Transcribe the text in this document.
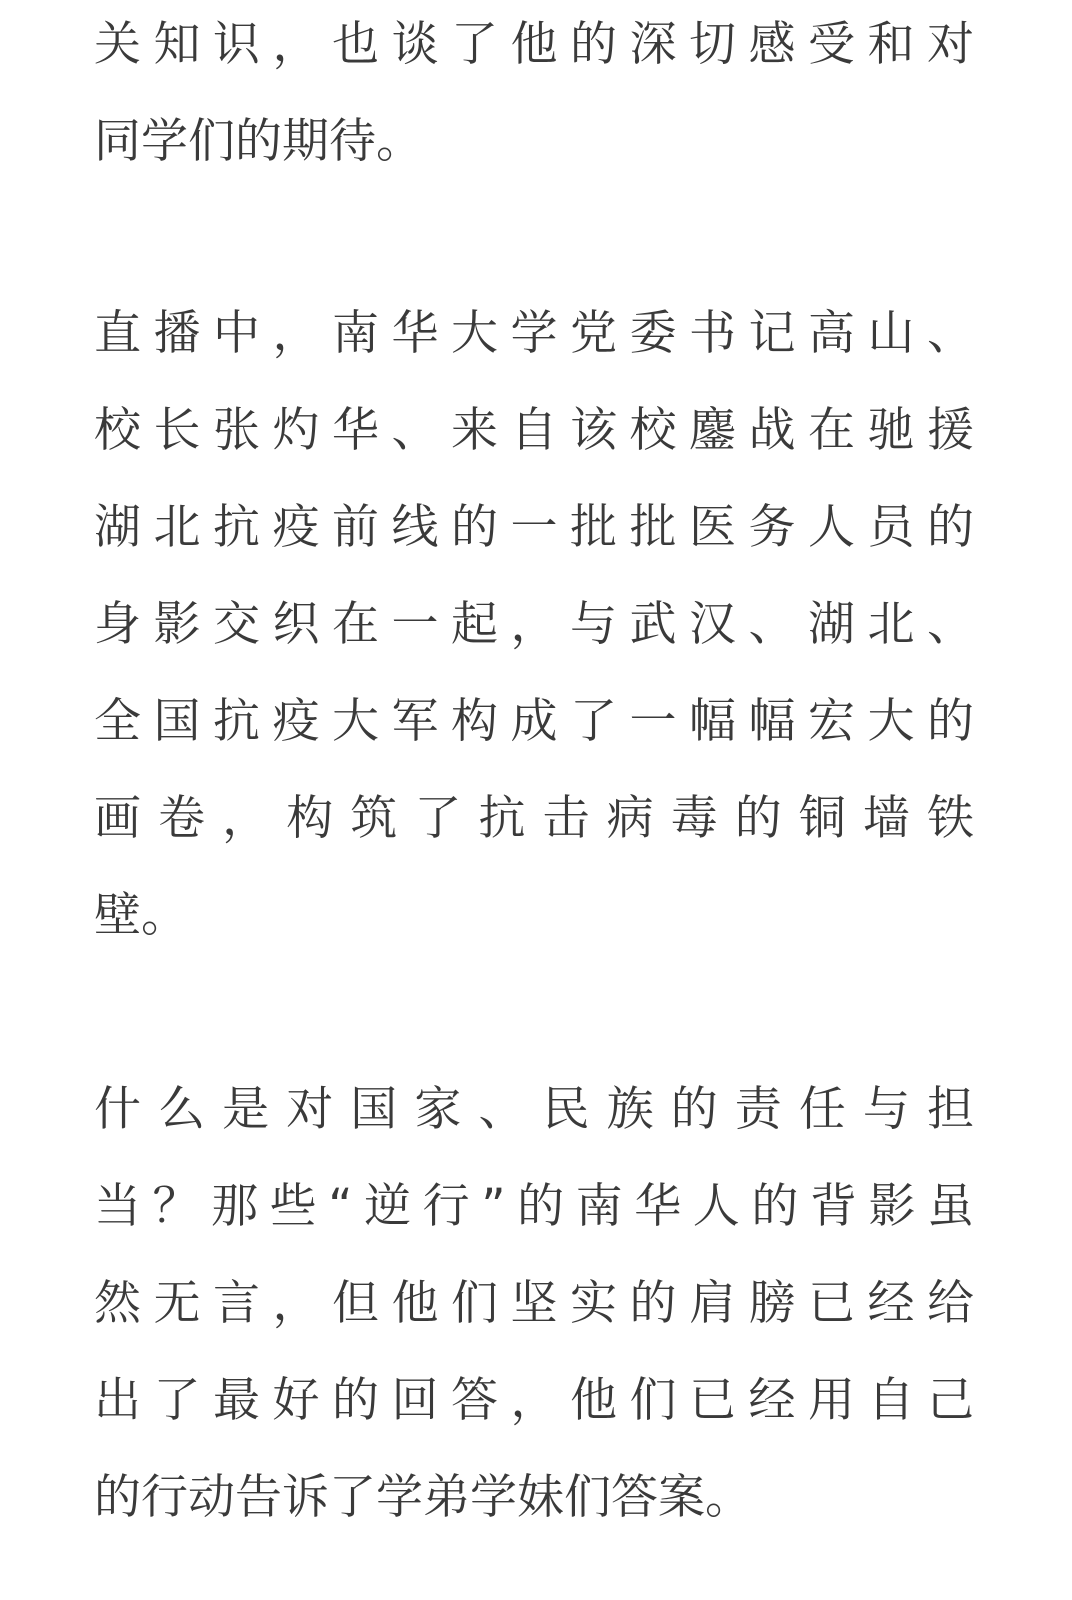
关知识，也谈了他的深切感受和对
同学们的期待。
直播中，南华大学党委书记高山、
校长张灼华、来自该校鏖战在驰援
湖北抗疫前线的一批批医务人员的
身影交织在一起，与武汉、湖北、
全国抗疫大军构成了一幅幅宏大的
画卷，构筑了抗击病毒的铜墙铁
壁。
什么是对国家、民族的责任与担
当？那些“逆行”的南华人的背影虽
然无言，但他们坚实的肩膀已经给
出了最好的回答，他们已经用自己
的行动告诉了学弟学妹们答案。
